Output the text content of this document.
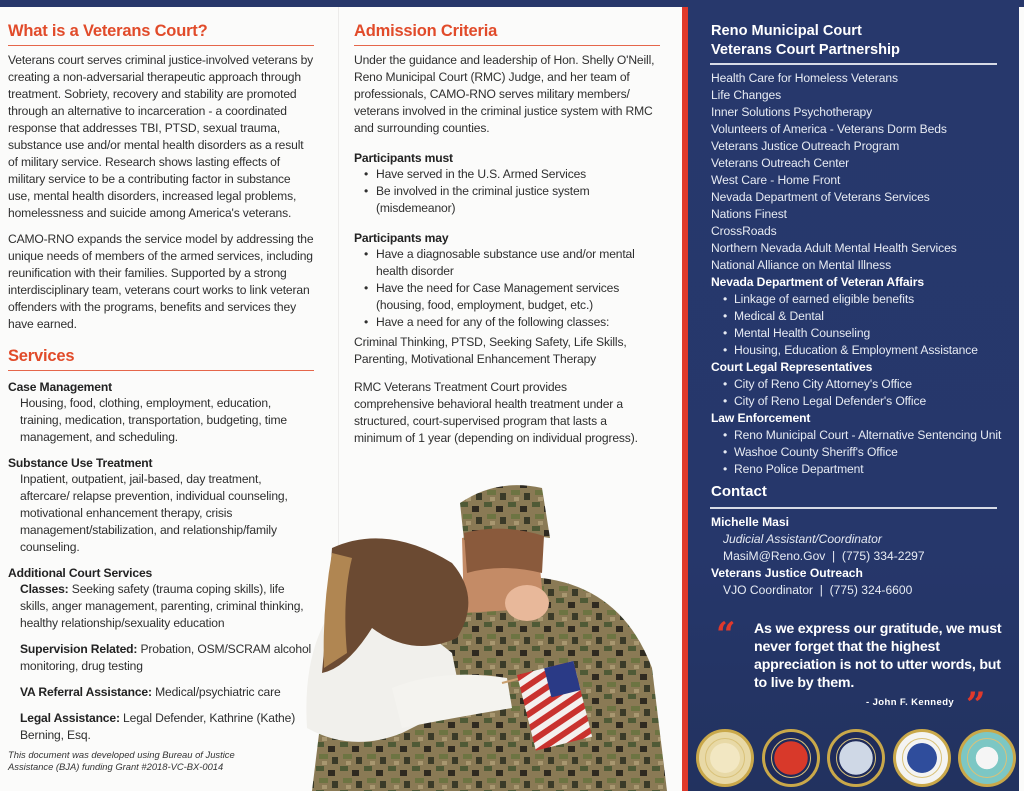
What is a Veterans Court?

Veterans court serves criminal justice-involved veterans by creating a non-adversarial therapeutic approach through treatment. Sobriety, recovery and stability are promoted through an alternative to incarceration - a coordinated response that addresses TBI, PTSD, sexual trauma, substance use and/or mental health disorders as a result of military service. Research shows lasting effects of military service to be a contributing factor in substance use, mental health disorders, increased legal problems, homelessness and suicide among America's veterans.

CAMO-RNO expands the service model by addressing the unique needs of members of the armed services, including reunification with their families. Supported by a strong interdisciplinary team, veterans court works to link veteran offenders with the programs, benefits and services they have earned.

Services
Case Management

Housing, food, clothing, employment, education, training, medication, transportation, budgeting, time management, and scheduling.

Substance Use Treatment

Inpatient, outpatient, jail-based, day treatment, aftercare/ relapse prevention, individual counseling, motivational enhancement therapy, crisis management/stabilization, and relationship/family counseling.

Additional Court Services

Classes: Seeking safety (trauma coping skills), life skills, anger management, parenting, criminal thinking, healthy relationship/sexuality education

Supervision Related: Probation, OSM/SCRAM alcohol monitoring, drug testing

VA Referral Assistance: Medical/psychiatric care

Legal Assistance: Legal Defender, Kathrine (Kathe) Berning, Esq.

This document was developed using Bureau of Justice Assistance (BJA) funding Grant #2018-VC-BX-0014

Admission Criteria

Under the guidance and leadership of Hon. Shelly O'Neill, Reno Municipal Court (RMC) Judge, and her team of professionals, CAMO-RNO serves military members/ veterans involved in the criminal justice system with RMC and surrounding counties.

Participants must
• Have served in the U.S. Armed Services
• Be involved in the criminal justice system (misdemeanor)
Participants may
• Have a diagnosable substance use and/or mental health disorder
• Have the need for Case Management services (housing, food, employment, budget, etc.)
• Have a need for any of the following classes:

Criminal Thinking, PTSD, Seeking Safety, Life Skills, Parenting, Motivational Enhancement Therapy

RMC Veterans Treatment Court provides comprehensive behavioral health treatment under a structured, court-supervised program that lasts a minimum of 1 year (depending on individual progress).

Reno Municipal Court
Veterans Court Partnership
Health Care for Homeless Veterans
Life Changes
Inner Solutions Psychotherapy
Volunteers of America - Veterans Dorm Beds
Veterans Justice Outreach Program
Veterans Outreach Center
West Care - Home Front
Nevada Department of Veterans Services
Nations Finest
CrossRoads
Northern Nevada Adult Mental Health Services
National Alliance on Mental Illness
Nevada Department of Veteran Affairs
• Linkage of earned eligible benefits
• Medical & Dental
• Mental Health Counseling
• Housing, Education & Employment Assistance
Court Legal Representatives
• City of Reno City Attorney's Office
• City of Reno Legal Defender's Office
Law Enforcement
• Reno Municipal Court - Alternative Sentencing Unit
• Washoe County Sheriff's Office
• Reno Police Department
Contact
Michelle Masi
Judicial Assistant/Coordinator
MasiM@Reno.Gov  |  (775) 334-2297
Veterans Justice Outreach
VJO Coordinator  |  (775) 324-6600
“ As we express our gratitude, we must never forget that the highest appreciation is not to utter words, but to live by them.
- John F. Kennedy ”
